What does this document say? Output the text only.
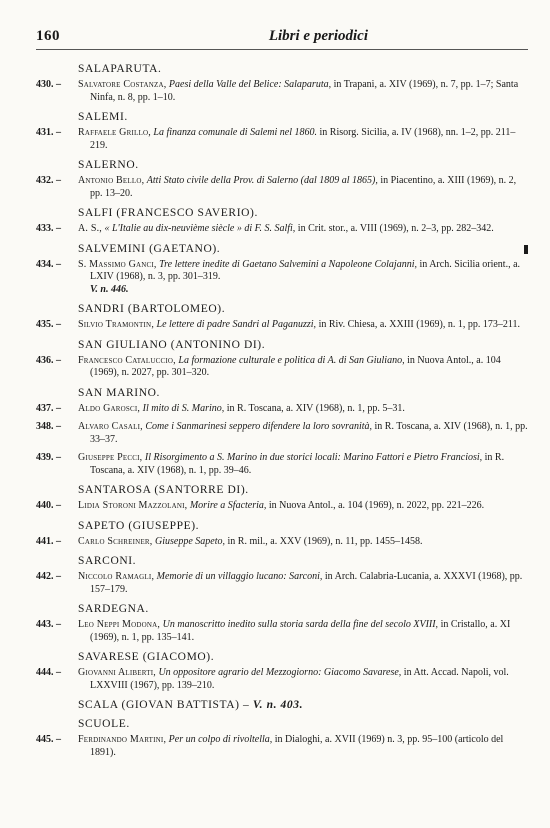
160	Libri e periodici
SALAPARUTA.
430. –	Salvatore Costanza, Paesi della Valle del Belice: Salaparuta, in Trapani, a. XIV (1969), n. 7, pp. 1–7; Santa Ninfa, n. 8, pp. 1–10.
SALEMI.
431. –	Raffaele Grillo, La finanza comunale di Salemi nel 1860. in Risorg. Sicilia, a. IV (1968), nn. 1–2, pp. 211–219.
SALERNO.
432. –	Antonio Bello, Atti Stato civile della Prov. di Salerno (dal 1809 al 1865), in Piacentino, a. XIII (1969), n. 2, pp. 13–20.
SALFI (FRANCESCO SAVERIO).
433. –	A. S., « L'Italie au dix-neuvième siècle » di F. S. Salfi, in Crit. stor., a. VIII (1969), n. 2–3, pp. 282–342.
SALVEMINI (GAETANO).
434. –	S. Massimo Ganci, Tre lettere inedite di Gaetano Salvemini a Napoleone Colajanni, in Arch. Sicilia orient., a. LXIV (1968), n. 3, pp. 301–319.
V. n. 446.
SANDRI (BARTOLOMEO).
435. –	Silvio Tramontin, Le lettere di padre Sandri al Paganuzzi, in Riv. Chiesa, a. XXIII (1969), n. 1, pp. 173–211.
SAN GIULIANO (ANTONINO DI).
436. –	Francesco Cataluccio, La formazione culturale e politica di A. di San Giuliano, in Nuova Antol., a. 104 (1969), n. 2027, pp. 301–320.
SAN MARINO.
437. –	Aldo Garosci, Il mito di S. Marino, in R. Toscana, a. XIV (1968), n. 1, pp. 5–31.
348. –	Alvaro Casali, Come i Sanmarinesi seppero difendere la loro sovranità, in R. Toscana, a. XIV (1968), n. 1, pp. 33–37.
439. –	Giuseppe Pecci, Il Risorgimento a S. Marino in due storici locali: Marino Fattori e Pietro Franciosi, in R. Toscana, a. XIV (1968), n. 1, pp. 39–46.
SANTAROSA (SANTORRE DI).
440. –	Lidia Storoni Mazzolani, Morire a Sfacteria, in Nuova Antol., a. 104 (1969), n. 2022, pp. 221–226.
SAPETO (GIUSEPPE).
441. –	Carlo Schreiner, Giuseppe Sapeto, in R. mil., a. XXV (1969), n. 11, pp. 1455–1458.
SARCONI.
442. –	Niccolo Ramagli, Memorie di un villaggio lucano: Sarconi, in Arch. Calabria-Lucania, a. XXXVI (1968), pp. 157–179.
SARDEGNA.
443. –	Leo Neppi Modona, Un manoscritto inedito sulla storia sarda della fine del secolo XVIII, in Cristallo, a. XI (1969), n. 1, pp. 135–141.
SAVARESE (GIACOMO).
444. –	Giovanni Aliberti, Un oppositore agrario del Mezzogiorno: Giacomo Savarese, in Att. Accad. Napoli, vol. LXXVIII (1967), pp. 139–210.
SCALA (GIOVAN BATTISTA) – V. n. 403.
SCUOLE.
445. –	Ferdinando Martini, Per un colpo di rivoltella, in Dialoghi, a. XVII (1969) n. 3, pp. 95–100 (articolo del 1891).
